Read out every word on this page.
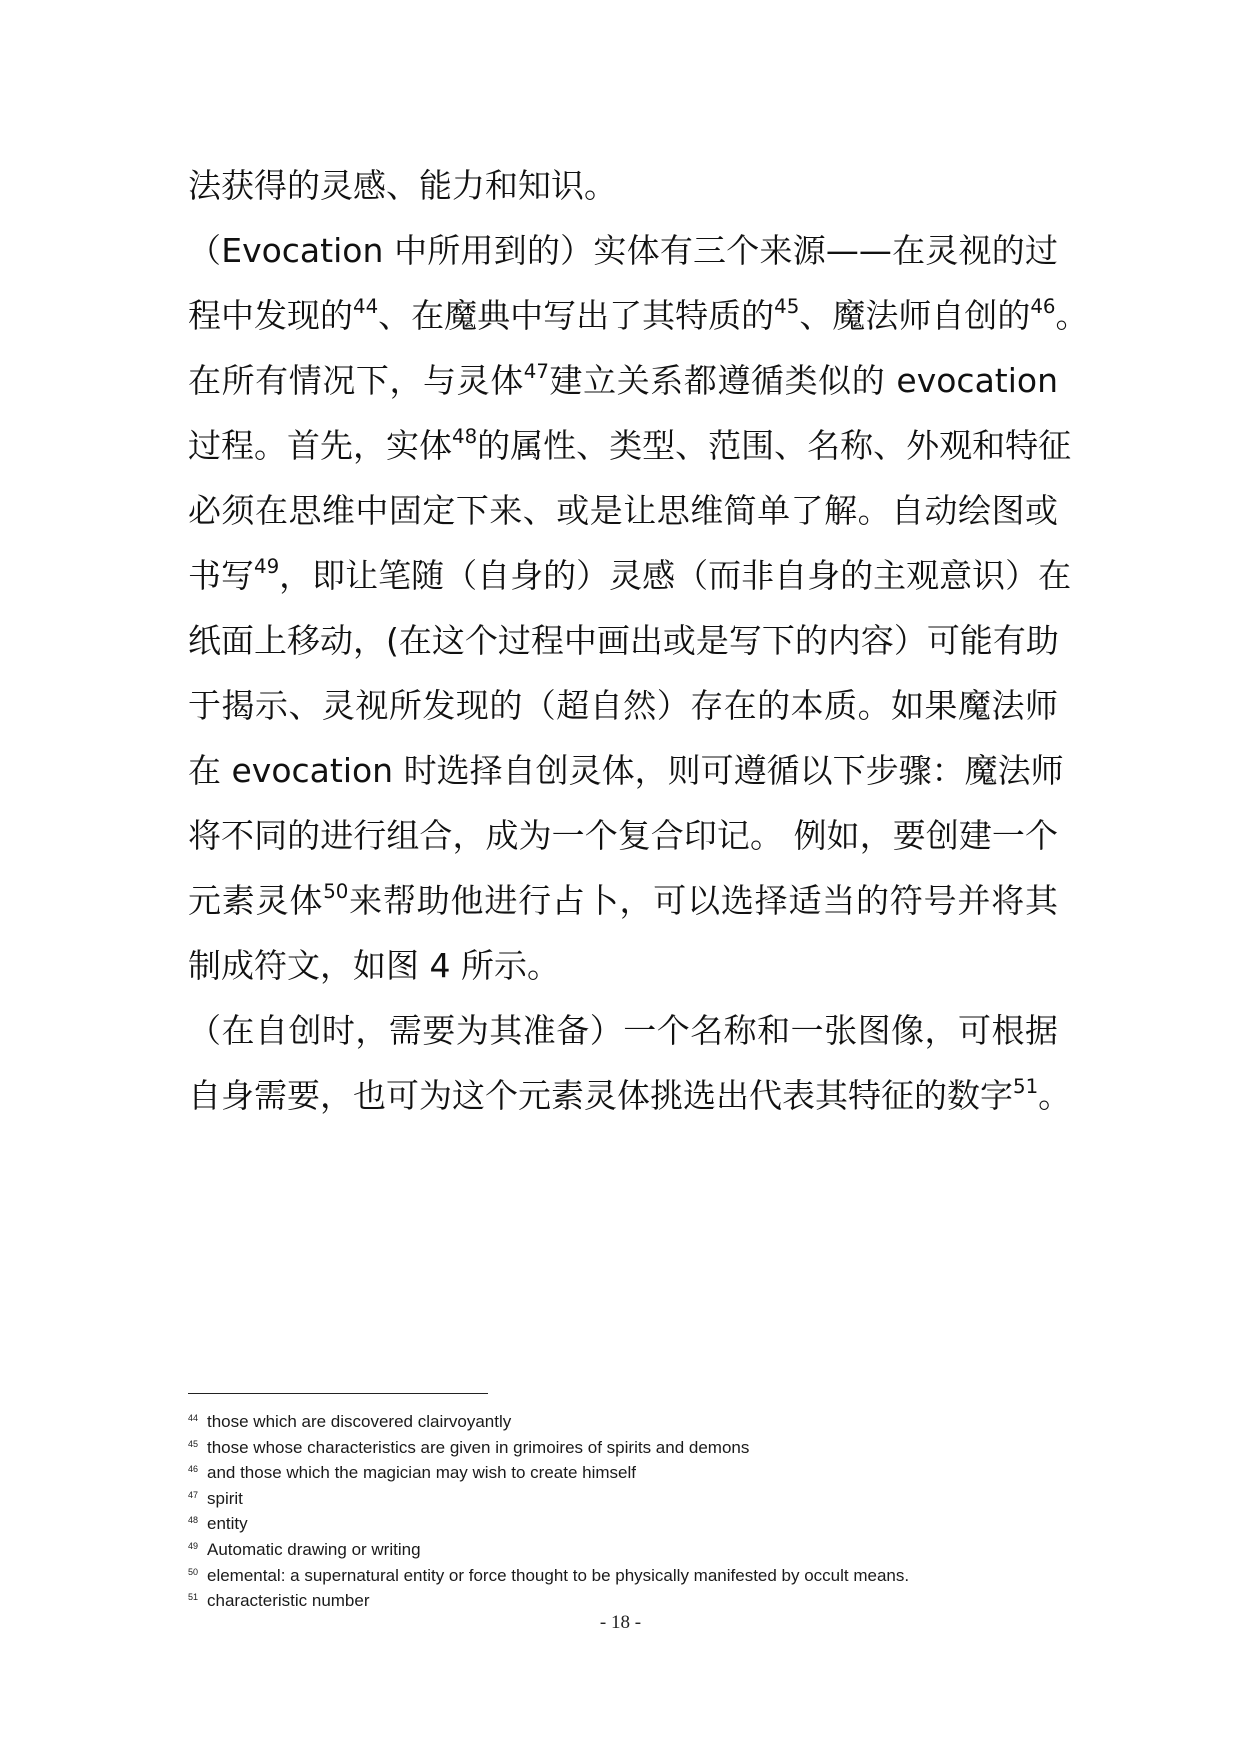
法获得的灵感、能力和知识。
（Evocation 中所用到的）实体有三个来源——在灵视的过
程中发现的$^{44}$、在魔典中写出了其特质的$^{45}$、魔法师自创的$^{46}$。
在所有情况下，与灵体$^{47}$建立关系都遵循类似的 evocation
过程。首先，实体$^{48}$的属性、类型、范围、名称、外观和特征
必须在思维中固定下来、或是让思维简单了解。自动绘图或
书写$^{49}$，即让笔随（自身的）灵感（而非自身的主观意识）在
纸面上移动，(在这个过程中画出或是写下的内容）可能有助
于揭示、灵视所发现的（超自然）存在的本质。如果魔法师
在 evocation 时选择自创灵体，则可遵循以下步骤：魔法师
将不同的进行组合，成为一个复合印记。 例如，要创建一个
元素灵体$^{50}$来帮助他进行占卜，可以选择适当的符号并将其
制成符文，如图 4 所示。
（在自创时，需要为其准备）一个名称和一张图像，可根据
自身需要，也可为这个元素灵体挑选出代表其特征的数字$^{51}$。
44 those which are discovered clairvoyantly
45 those whose characteristics are given in grimoires of spirits and demons
46 and those which the magician may wish to create himself
47 spirit
48 entity
49 Automatic drawing or writing
50 elemental: a supernatural entity or force thought to be physically manifested by occult means.
51 characteristic number
- 18 -
